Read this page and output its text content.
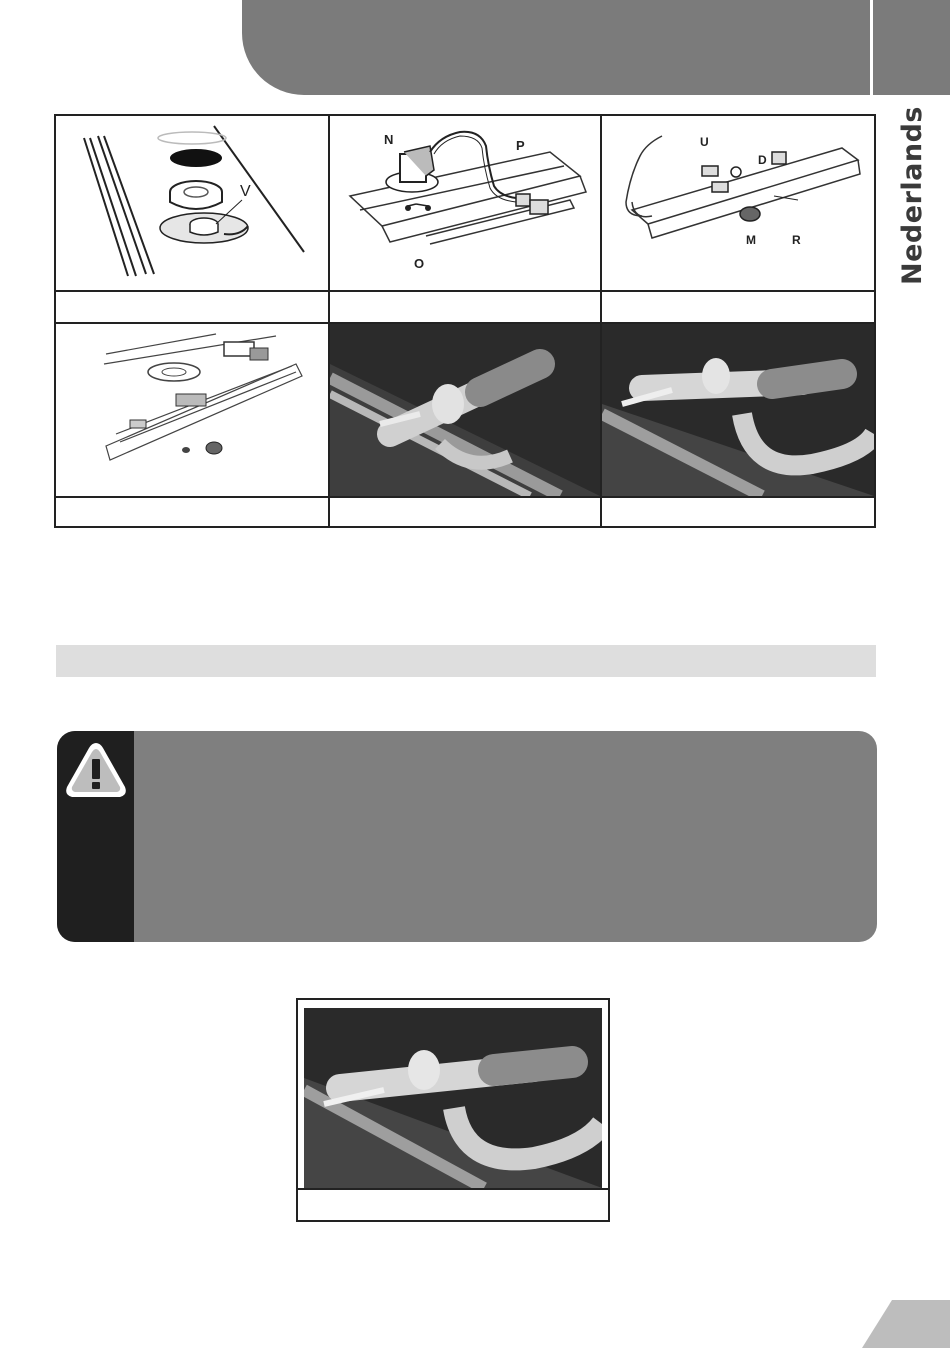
Nederlands
V
N	P
O
U
D
M	R
